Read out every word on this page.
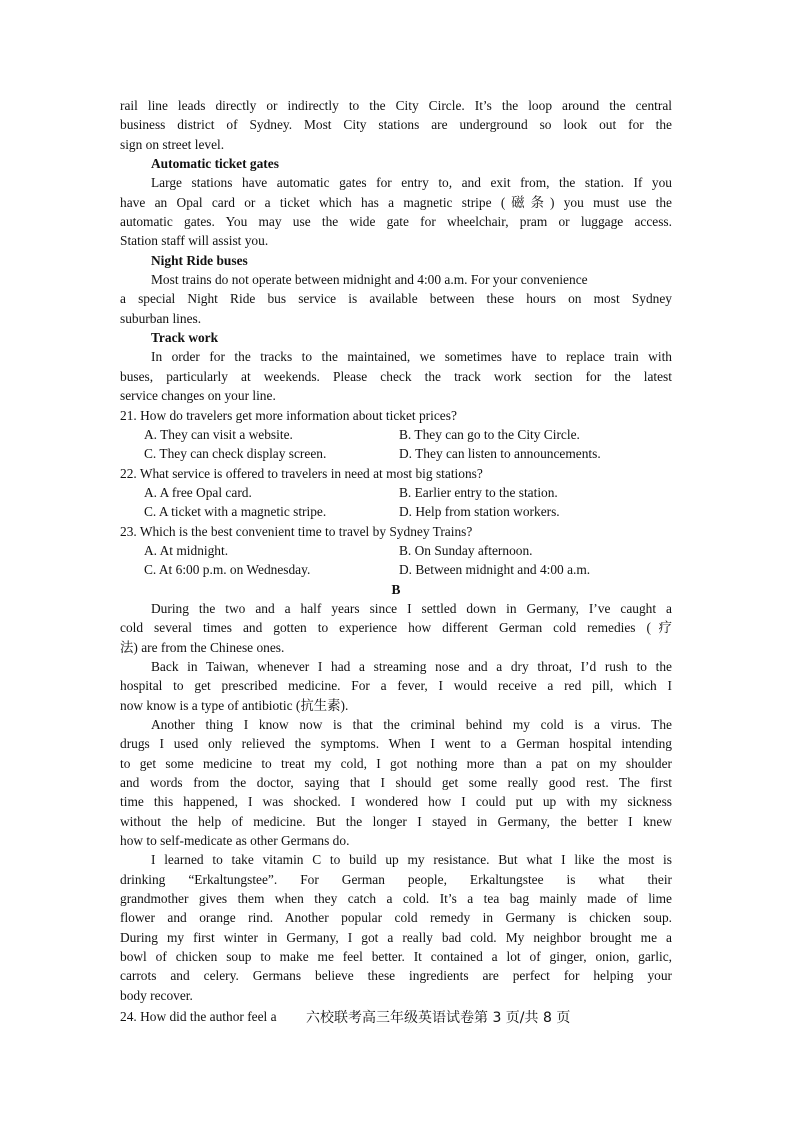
rail line leads directly or indirectly to the City Circle. It’s the loop around the central
business district of Sydney. Most City stations are underground so look out for the
sign on street level.
Automatic ticket gates
Large stations have automatic gates for entry to, and exit from, the station. If you
have an Opal card or a ticket which has a magnetic stripe (磁条) you must use the
automatic gates. You may use the wide gate for wheelchair, pram or luggage access.
Station staff will assist you.
Night Ride buses
Most trains do not operate between midnight and 4:00 a.m. For your convenience
a special Night Ride bus service is available between these hours on most Sydney
suburban lines.
Track work
In order for the tracks to the maintained, we sometimes have to replace train with
buses, particularly at weekends. Please check the track work section for the latest
service changes on your line.
21. How do travelers get more information about ticket prices?
A. They can visit a website.	B. They can go to the City Circle.
C. They can check display screen.	D. They can listen to announcements.
22. What service is offered to travelers in need at most big stations?
A. A free Opal card.	B. Earlier entry to the station.
C. A ticket with a magnetic stripe.	D. Help from station workers.
23. Which is the best convenient time to travel by Sydney Trains?
A. At midnight.	B. On Sunday afternoon.
C. At 6:00 p.m. on Wednesday.	D. Between midnight and 4:00 a.m.
B
During the two and a half years since I settled down in Germany, I’ve caught a
cold several times and gotten to experience how different German cold remedies (疗
法) are from the Chinese ones.
Back in Taiwan, whenever I had a streaming nose and a dry throat, I’d rush to the
hospital to get prescribed medicine. For a fever, I would receive a red pill, which I
now know is a type of antibiotic (抗生素).
Another thing I know now is that the criminal behind my cold is a virus. The
drugs I used only relieved the symptoms. When I went to a German hospital intending
to get some medicine to treat my cold, I got nothing more than a pat on my shoulder
and words from the doctor, saying that I should get some really good rest. The first
time this happened, I was shocked. I wondered how I could put up with my sickness
without the help of medicine. But the longer I stayed in Germany, the better I knew
how to self-medicate as other Germans do.
I learned to take vitamin C to build up my resistance. But what I like the most is
drinking “Erkaltungstee”. For German people, Erkaltungstee is what their
grandmother gives them when they catch a cold. It’s a tea bag mainly made of lime
flower and orange rind. Another popular cold remedy in Germany is chicken soup.
During my first winter in Germany, I got a really bad cold. My neighbor brought me a
bowl of chicken soup to make me feel better. It contained a lot of ginger, onion, garlic,
carrots and celery. Germans believe these ingredients are perfect for helping your
body recover.
24. How did the author feel a 六校联考高三年级英语试卷第 3 页/共 8 页
